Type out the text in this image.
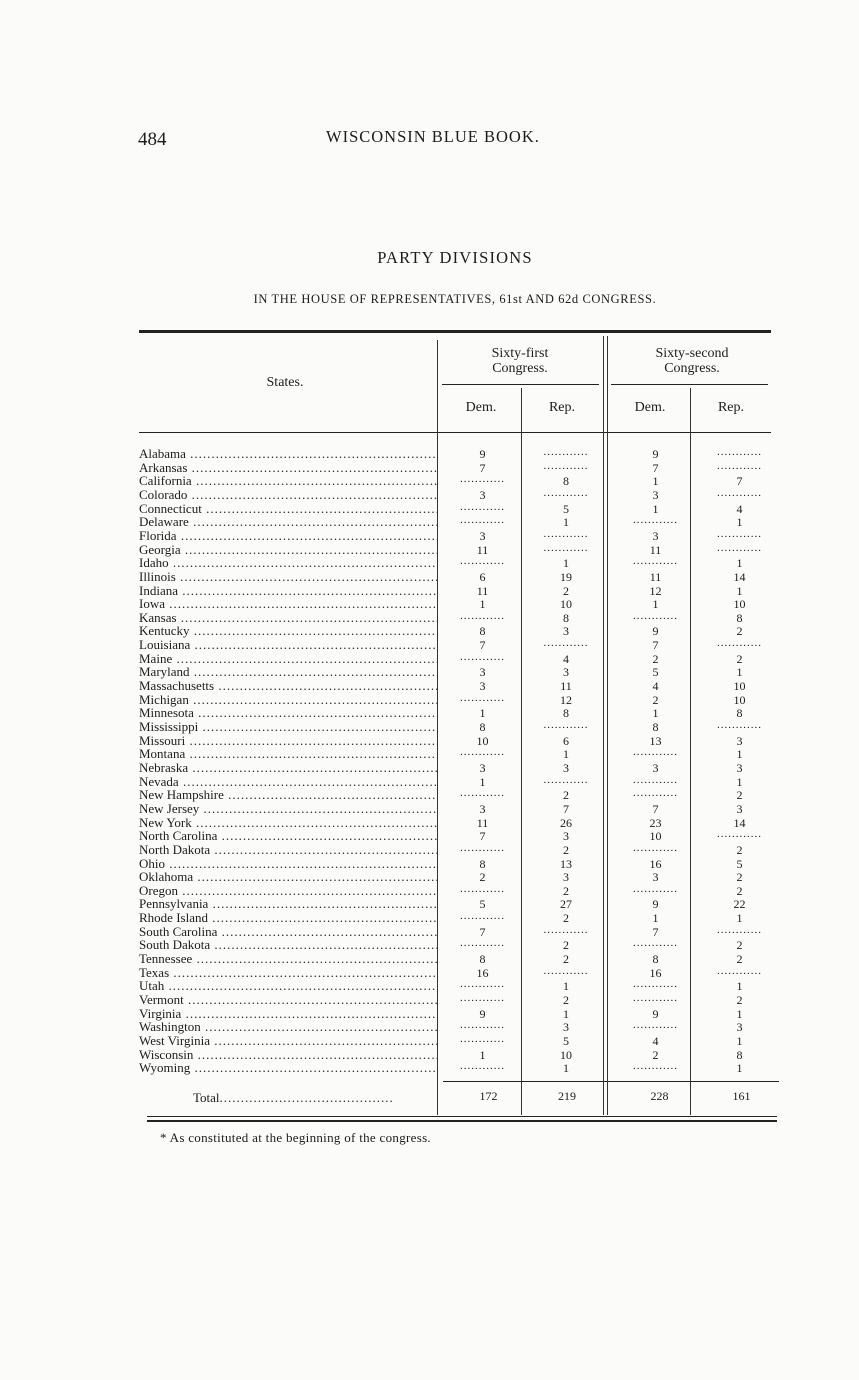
484	WISCONSIN BLUE BOOK.
PARTY DIVISIONS
IN THE HOUSE OF REPRESENTATIVES, 61st AND 62d CONGRESS.
States.
Sixty-first Congress.
Sixty-second Congress.
Dem.	Rep.	Dem.	Rep.
Alabama .....	9	............	9	............
Arkansas .....	7	............	7	............
California .....	............	8	1	7
Colorado .....	3	............	3	............
Connecticut .....	............	5	1	4
Delaware .....	............	1	............	1
Florida .....	3	............	3	............
Georgia .....	11	............	11	............
Idaho .....	............	1	............	1
Illinois .....	6	19	11	14
Indiana .....	11	2	12	1
Iowa .....	1	10	1	10
Kansas .....	............	8	............	8
Kentucky .....	8	3	9	2
Louisiana .....	7	............	7	............
Maine .....	............	4	2	2
Maryland .....	3	3	5	1
Massachusetts .....	3	11	4	10
Michigan .....	............	12	2	10
Minnesota .....	1	8	1	8
Mississippi .....	8	............	8	............
Missouri .....	10	6	13	3
Montana .....	............	1	............	1
Nebraska .....	3	3	3	3
Nevada .....	1	............	............	1
New Hampshire .....	............	2	............	2
New Jersey .....	3	7	7	3
New York .....	11	26	23	14
North Carolina .....	7	3	10	............
North Dakota .....	............	2	............	2
Ohio .....	8	13	16	5
Oklahoma .....	2	3	3	2
Oregon .....	............	2	............	2
Pennsylvania .....	5	27	9	22
Rhode Island .....	............	2	1	1
South Carolina .....	7	............	7	............
South Dakota .....	............	2	............	2
Tennessee .....	8	2	8	2
Texas .....	16	............	16	............
Utah .....	............	1	............	1
Vermont .....	............	2	............	2
Virginia .....	9	1	9	1
Washington .....	............	3	............	3
West Virginia .....	............	5	4	1
Wisconsin .....	1	10	2	8
Wyoming .....	............	1	............	1
Total.........................................	172	219	228	161
* As constituted at the beginning of the congress.
